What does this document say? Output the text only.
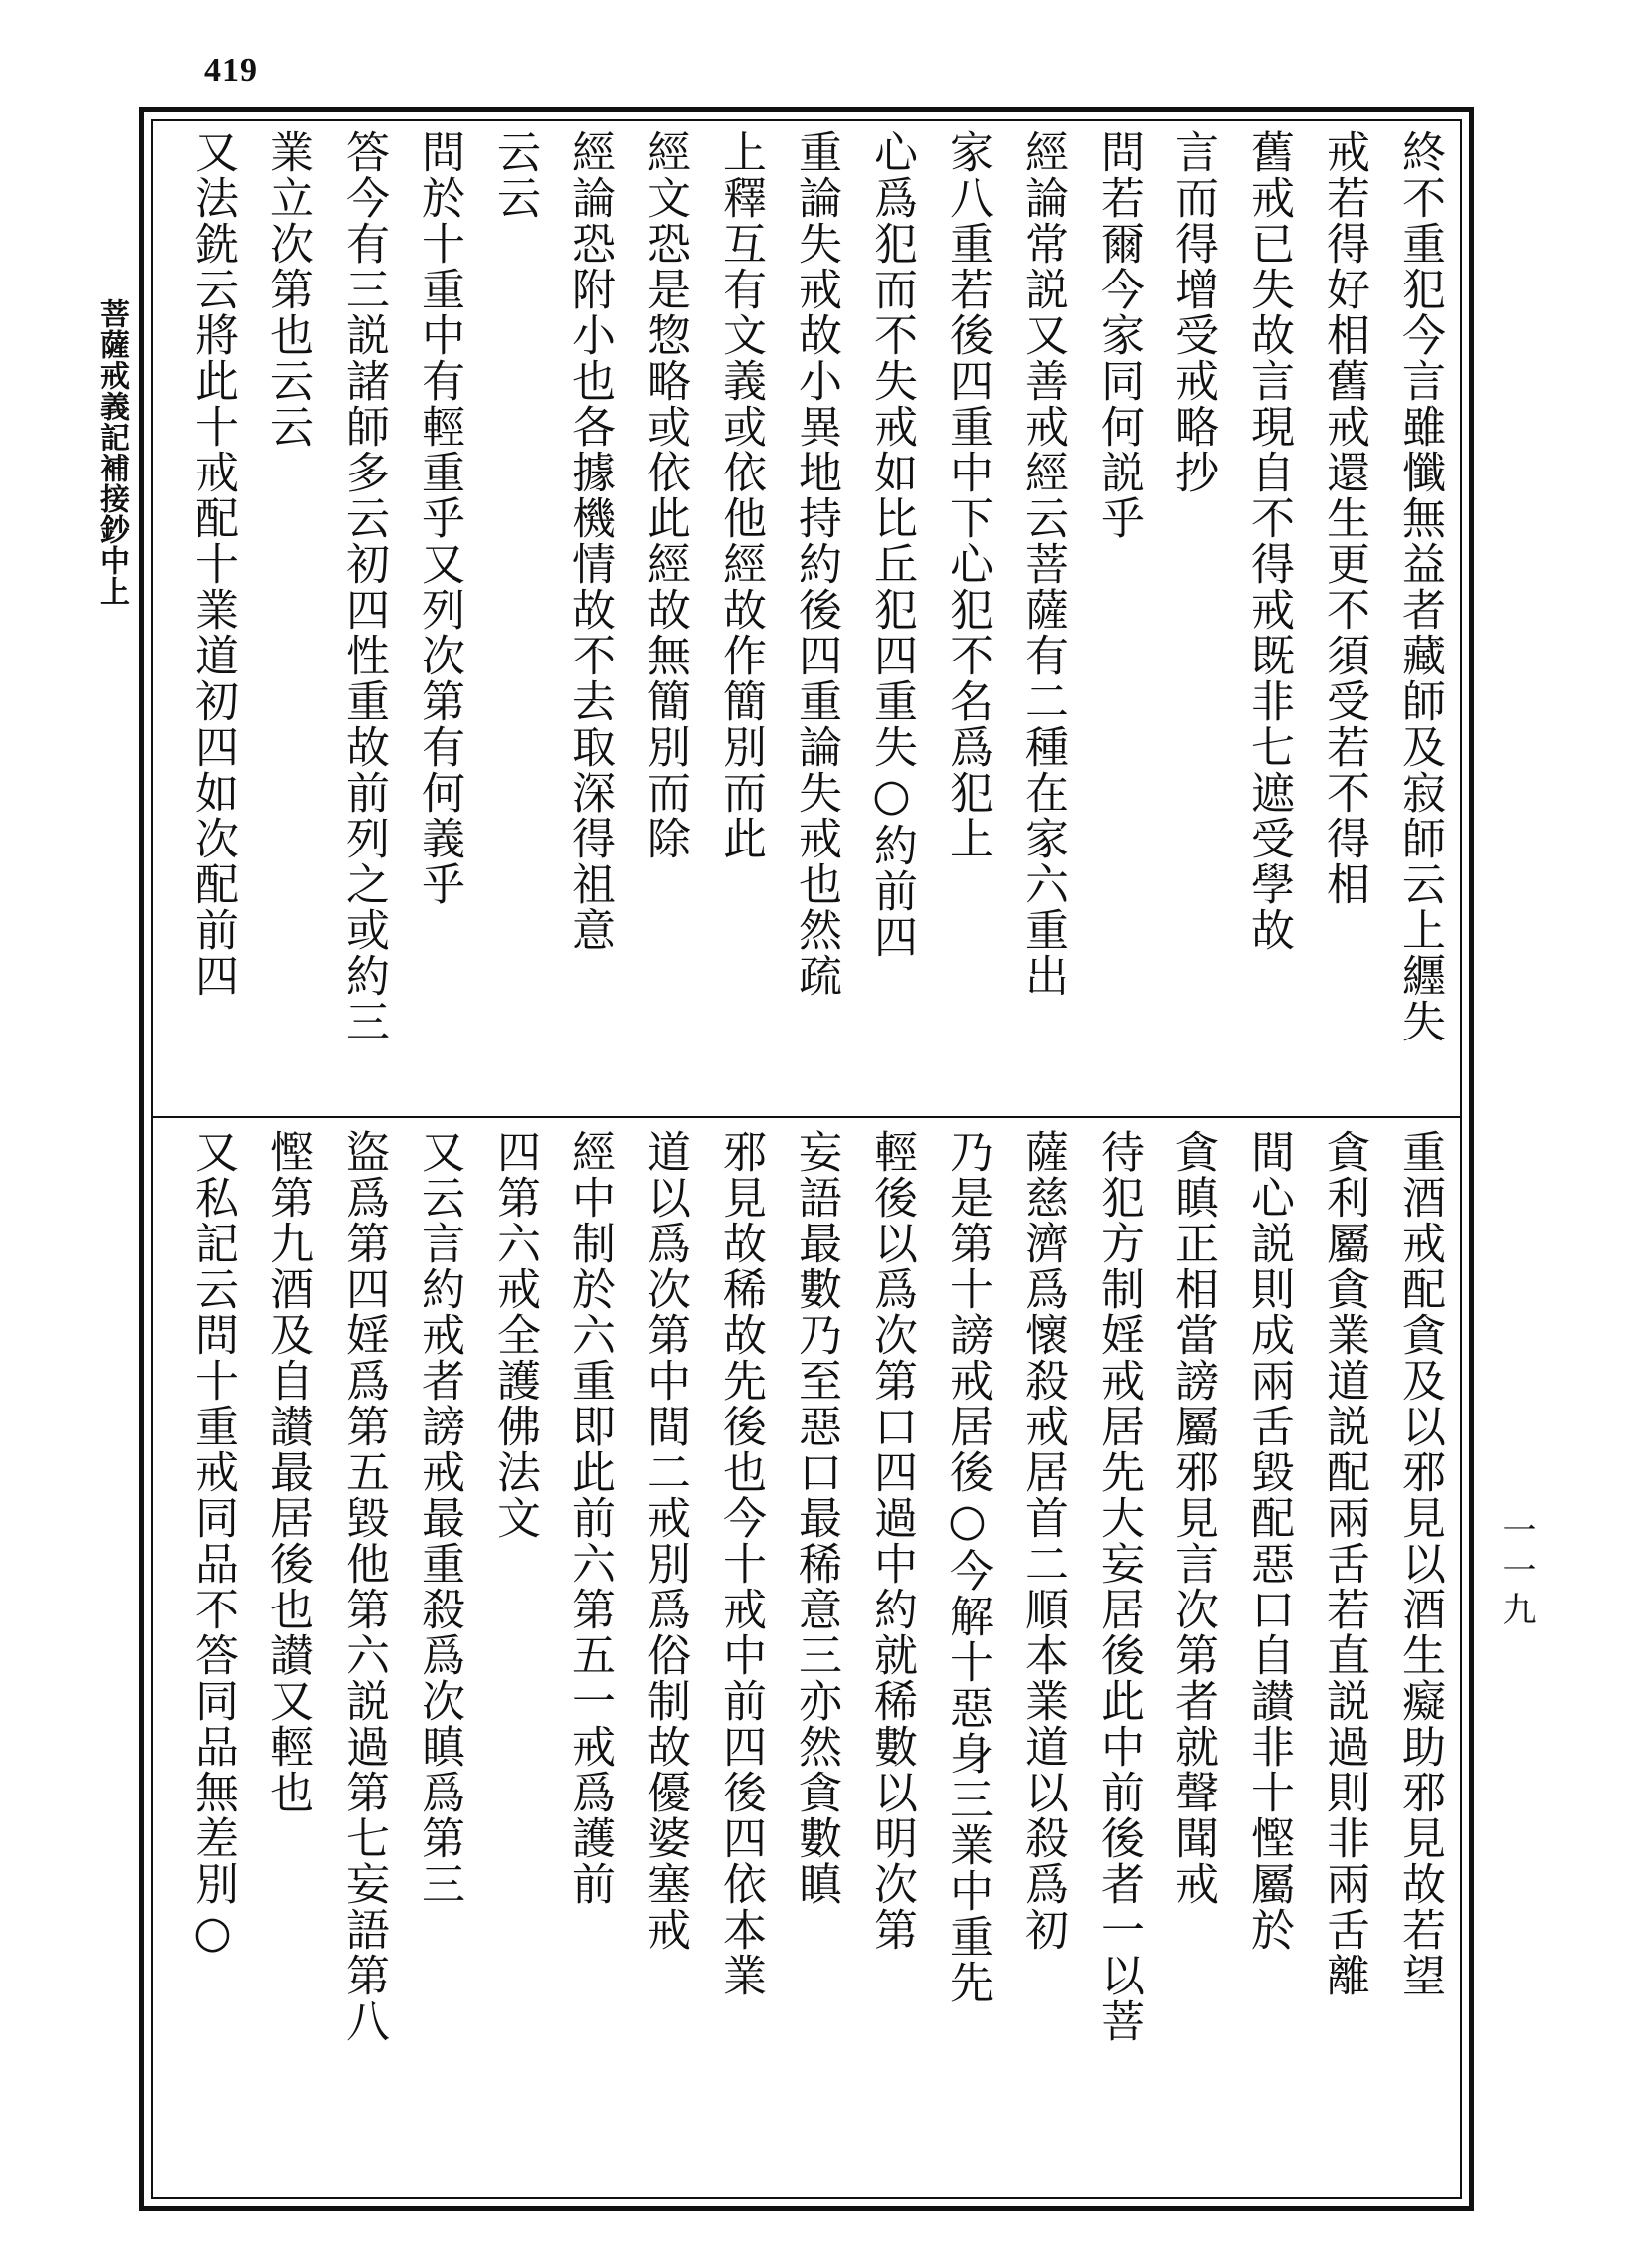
419
菩薩戒義記補接鈔中上
一一九
終不重犯今言雖懺無益者藏師及寂師云上纒失
戒若得好相舊戒還生更不須受若不得相
舊戒已失故言現自不得戒既非七遮受學故
言而得增受戒略抄
問若爾今家同何説乎
經論常説又善戒經云菩薩有二種在家六重出
家八重若後四重中下心犯不名爲犯上
心爲犯而不失戒如比丘犯四重失○約前四
重論失戒故小異地持約後四重論失戒也然疏
上釋互有文義或依他經故作簡別而此
經文恐是惣略或依此經故無簡別而除
經論恐附小也各據機情故不去取深得祖意
云云
問於十重中有輕重乎又列次第有何義乎
答今有三説諸師多云初四性重故前列之或約三
業立次第也云云
又法銑云將此十戒配十業道初四如次配前四
重酒戒配貪及以邪見以酒生癡助邪見故若望
貪利屬貪業道説配兩舌若直説過則非兩舌離
間心説則成兩舌毀配惡口自讃非十慳屬於
貪瞋正相當謗屬邪見言次第者就聲聞戒
待犯方制婬戒居先大妄居後此中前後者一以菩
薩慈濟爲懷殺戒居首二順本業道以殺爲初
乃是第十謗戒居後○今解十惡身三業中重先
輕後以爲次第口四過中約就稀數以明次第
妄語最數乃至惡口最稀意三亦然貪數瞋
邪見故稀故先後也今十戒中前四後四依本業
道以爲次第中間二戒別爲俗制故優婆塞戒
經中制於六重即此前六第五一戒爲護前
四第六戒全護佛法文
又云言約戒者謗戒最重殺爲次瞋爲第三
盜爲第四婬爲第五毀他第六説過第七妄語第八
慳第九酒及自讃最居後也讃又輕也
又私記云問十重戒同品不答同品無差別○
